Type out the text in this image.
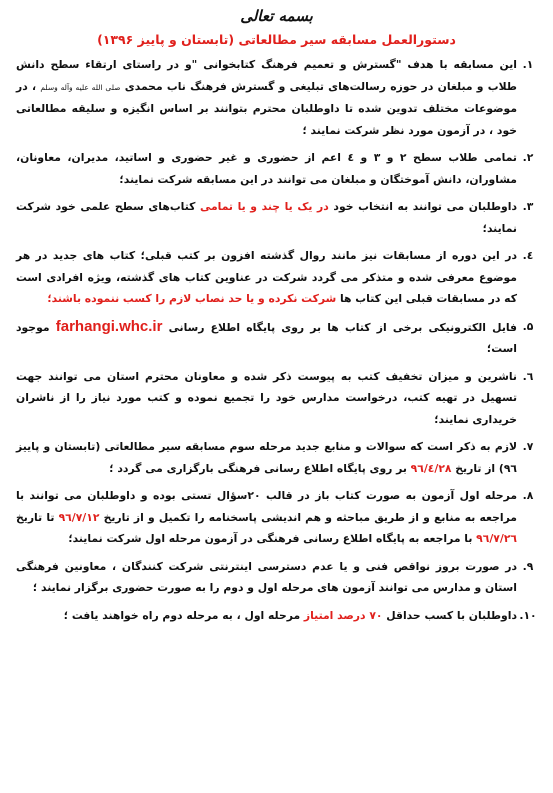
بسمه تعالی
دستورالعمل مسابقه سیر مطالعاتی (تابستان و پاییز ۱۳۹۶)
۱.
این مسابقه با هدف "گسترش و تعمیم فرهنگ کتابخوانی "و در راستای ارتقاء سطح دانش طلاب و مبلغان در حوزه رسالت‌های تبلیغی و گسترش فرهنگ ناب محمدی صلی الله علیه وآله وسلم ، در موضوعات مختلف تدوین شده تا داوطلبان محترم بتوانند بر اساس انگیزه و سلیقه مطالعاتی خود ، در آزمون مورد نظر شرکت نمایند ؛
۲.
تمامی طلاب سطح ۲ و ۳ و ٤ اعم از حضوری و غیر حضوری و اساتید، مدیران، معاونان، مشاوران، دانش آموختگان و مبلغان می توانند در این مسابقه شرکت نمایند؛
۳.
داوطلبان می توانند به انتخاب خود در یک یا چند و یا تمامی کتاب‌های سطح علمی خود شرکت نمایند؛
٤.
در این دوره از مسابقات نیز مانند روال گذشته افزون بر کتب قبلی؛ کتاب های جدید در هر موضوع معرفی شده و متذکر می گردد شرکت در عناوین کتاب های گذشته، ویژه افرادی است که در مسابقات قبلی این کتاب ها شرکت نکرده و یا حد نصاب لازم را کسب ننموده باشند؛
۵.
فایل الکترونیکی برخی از کتاب ها بر روی پایگاه اطلاع رسانی farhangi.whc.ir موجود است؛
٦.
ناشرین و میزان تخفیف کتب به پیوست ذکر شده و معاونان محترم استان می توانند جهت تسهیل در تهیه کتب، درخواست مدارس خود را تجمیع نموده و کتب مورد نیاز را از ناشران خریداری نمایند؛
۷.
لازم به ذکر است که سوالات و منابع جدید مرحله سوم مسابقه سیر مطالعاتی (تابستان و پاییز ۹٦) از تاریخ ۹٦/٤/۲۸ بر روی پایگاه اطلاع رسانی فرهنگی بارگزاری می گردد ؛
۸.
مرحله اول آزمون به صورت کتاب باز در قالب ۲۰سؤال تستی بوده و داوطلبان می توانند با مراجعه به منابع و از طریق مباحثه و هم اندیشی پاسخنامه را تکمیل و از تاریخ ۹٦/۷/۱۲ تا تاریخ ۹٦/۷/۲٦ با مراجعه به پایگاه اطلاع رسانی فرهنگی در آزمون مرحله اول شرکت نمایند؛
۹.
در صورت بروز نواقص فنی و یا عدم دسترسی اینترنتی شرکت کنندگان ، معاونین فرهنگی استان و مدارس می توانند آزمون های مرحله اول و دوم را به صورت حضوری برگزار نمایند ؛
۱۰.
داوطلبان با کسب حداقل ۷۰ درصد امتیاز مرحله اول ، به مرحله دوم راه خواهند یافت ؛
